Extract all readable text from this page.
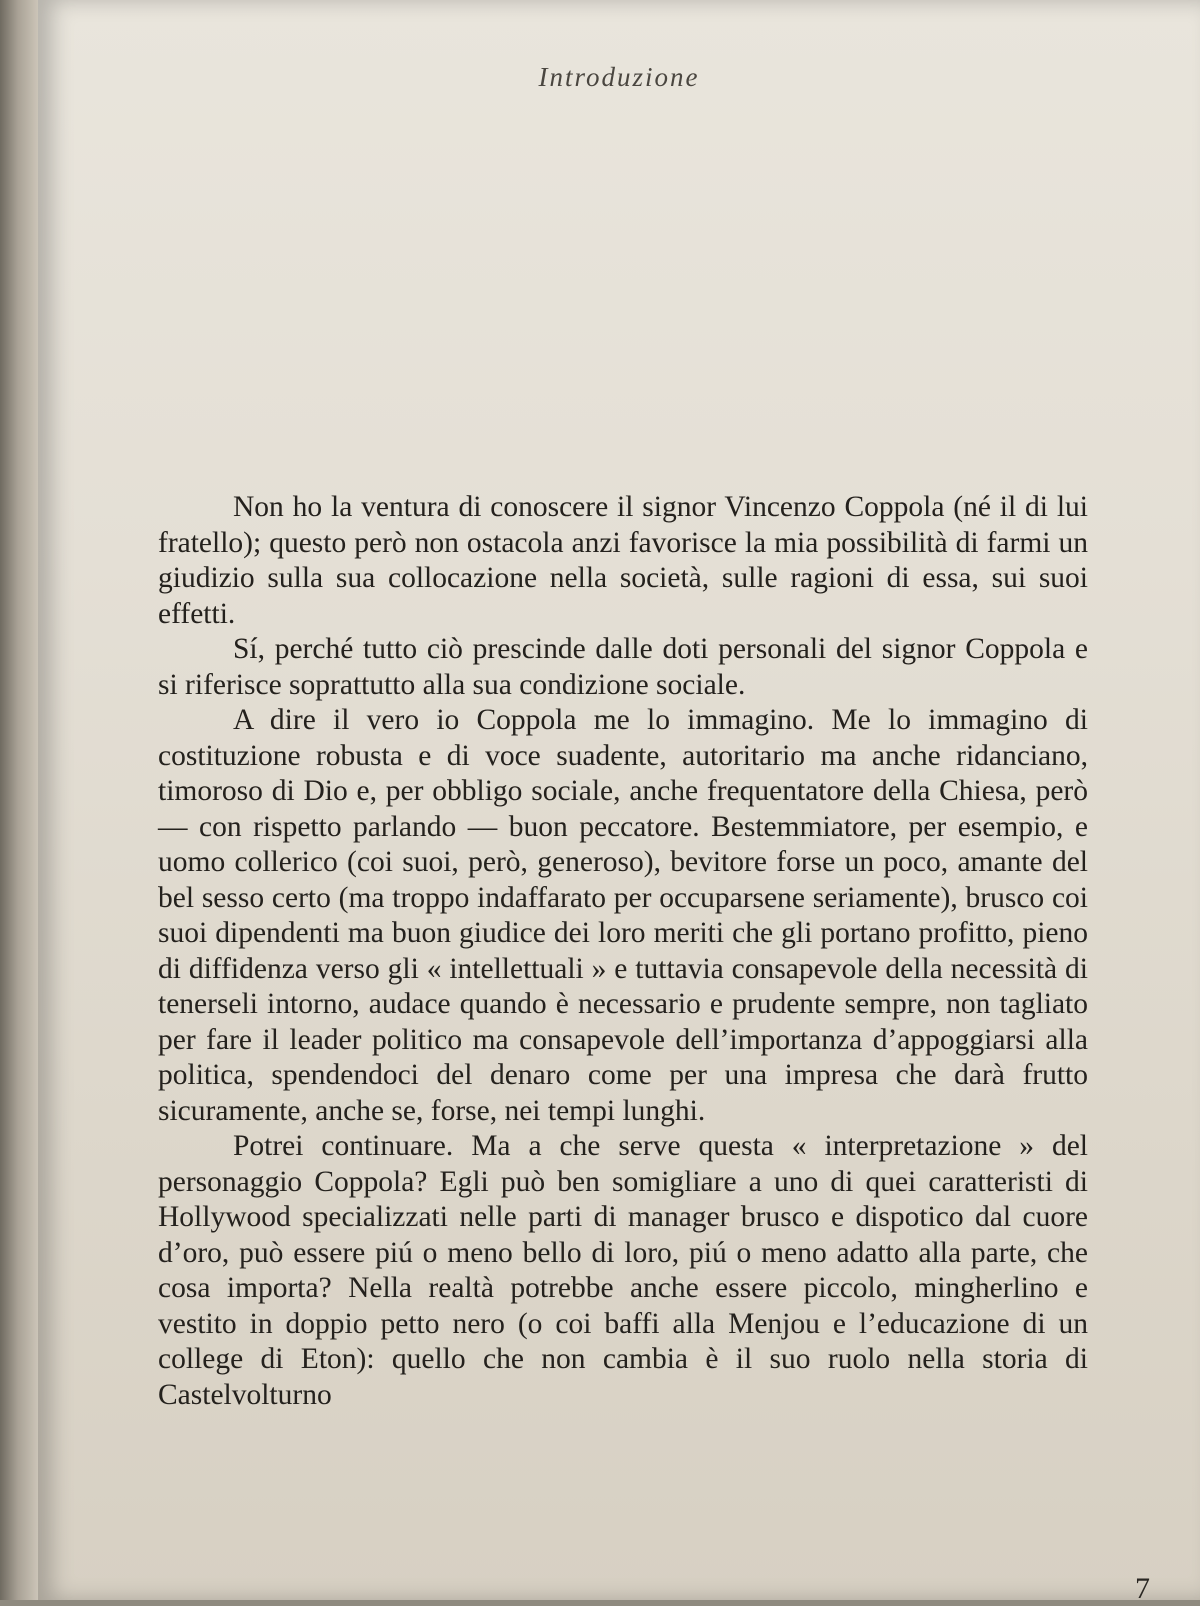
Introduzione

Non ho la ventura di conoscere il signor Vincenzo Coppola (né il di lui fratello); questo però non ostacola anzi favorisce la mia possibilità di farmi un giudizio sulla sua collocazione nella società, sulle ragioni di essa, sui suoi effetti.

Sí, perché tutto ciò prescinde dalle doti personali del signor Coppola e si riferisce soprattutto alla sua condizione sociale.

A dire il vero io Coppola me lo immagino. Me lo immagino di costituzione robusta e di voce suadente, autoritario ma anche ridanciano, timoroso di Dio e, per obbligo sociale, anche frequentatore della Chiesa, però — con rispetto parlando — buon peccatore. Bestemmiatore, per esempio, e uomo collerico (coi suoi, però, generoso), bevitore forse un poco, amante del bel sesso certo (ma troppo indaffarato per occuparsene seriamente), brusco coi suoi dipendenti ma buon giudice dei loro meriti che gli portano profitto, pieno di diffidenza verso gli « intellettuali » e tuttavia consapevole della necessità di tenerseli intorno, audace quando è necessario e prudente sempre, non tagliato per fare il leader politico ma consapevole dell’importanza d’appoggiarsi alla politica, spendendoci del denaro come per una impresa che darà frutto sicuramente, anche se, forse, nei tempi lunghi.

Potrei continuare. Ma a che serve questa « interpretazione » del personaggio Coppola? Egli può ben somigliare a uno di quei caratteristi di Hollywood specializzati nelle parti di manager brusco e dispotico dal cuore d’oro, può essere piú o meno bello di loro, piú o meno adatto alla parte, che cosa importa? Nella realtà potrebbe anche essere piccolo, mingherlino e vestito in doppio petto nero (o coi baffi alla Menjou e l’educazione di un college di Eton): quello che non cambia è il suo ruolo nella storia di Castelvolturno

7
